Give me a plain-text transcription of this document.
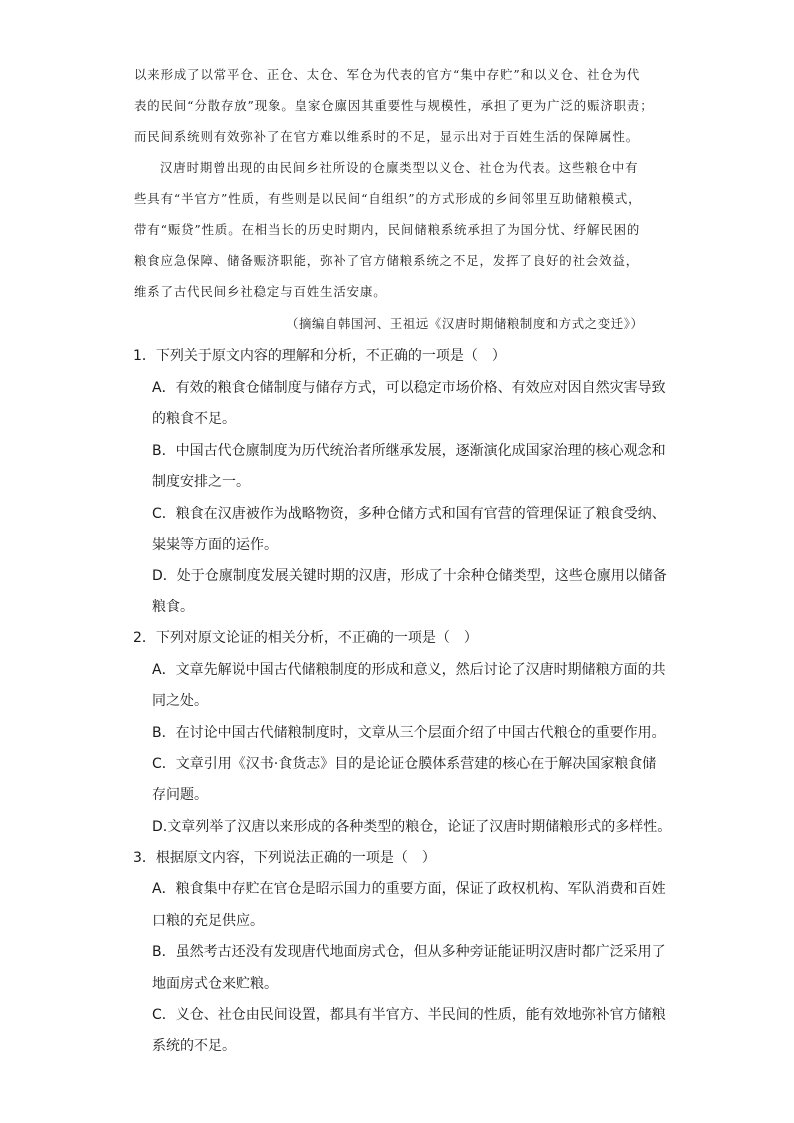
以来形成了以常平仓、正仓、太仓、军仓为代表的官方“集中存贮”和以义仓、社仓为代
表的民间“分散存放”现象。皇家仓廪因其重要性与规模性，承担了更为广泛的赈济职责；
而民间系统则有效弥补了在官方难以维系时的不足，显示出对于百姓生活的保障属性。
汉唐时期曾出现的由民间乡社所设的仓廪类型以义仓、社仓为代表。这些粮仓中有
些具有“半官方”性质，有些则是以民间“自组织”的方式形成的乡间邻里互助储粮模式，
带有“赈贷”性质。在相当长的历史时期内，民间储粮系统承担了为国分忧、纾解民困的
粮食应急保障、储备赈济职能，弥补了官方储粮系统之不足，发挥了良好的社会效益，
维系了古代民间乡社稳定与百姓生活安康。
（摘编自韩国河、王祖远《汉唐时期储粮制度和方式之变迁》）
1．下列关于原文内容的理解和分析，不正确的一项是（　）
A．有效的粮食仓储制度与储存方式，可以稳定市场价格、有效应对因自然灾害导致
的粮食不足。
B．中国古代仓廪制度为历代统治者所继承发展，逐渐演化成国家治理的核心观念和
制度安排之一。
C．粮食在汉唐被作为战略物资，多种仓储方式和国有官营的管理保证了粮食受纳、
粜粜等方面的运作。
D．处于仓廪制度发展关键时期的汉唐，形成了十余种仓储类型，这些仓廪用以储备
粮食。
2．下列对原文论证的相关分析，不正确的一项是（　）
A．文章先解说中国古代储粮制度的形成和意义，然后讨论了汉唐时期储粮方面的共
同之处。
B．在讨论中国古代储粮制度时，文章从三个层面介绍了中国古代粮仓的重要作用。
C．文章引用《汉书·食货志》目的是论证仓膜体系营建的核心在于解决国家粮食储
存问题。
D.文章列举了汉唐以来形成的各种类型的粮仓，论证了汉唐时期储粮形式的多样性。
3．根据原文内容，下列说法正确的一项是（　）
A．粮食集中存贮在官仓是昭示国力的重要方面，保证了政权机构、军队消费和百姓
口粮的充足供应。
B．虽然考古还没有发现唐代地面房式仓，但从多种旁证能证明汉唐时都广泛采用了
地面房式仓来贮粮。
C．义仓、社仓由民间设置，都具有半官方、半民间的性质，能有效地弥补官方储粮
系统的不足。
